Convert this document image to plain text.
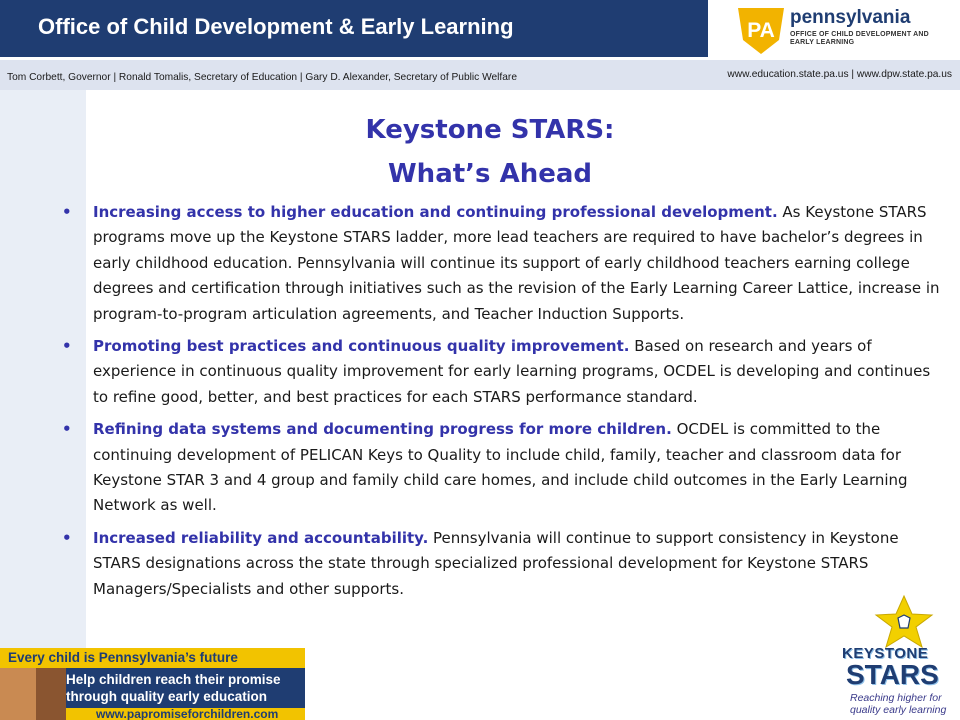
Office of Child Development & Early Learning	PA
pennsylvania
OFFICE OF CHILD DEVELOPMENT AND EARLY LEARNING
Tom Corbett, Governor | Ronald Tomalis, Secretary of Education | Gary D. Alexander, Secretary of Public Welfare	www.education.state.pa.us | www.dpw.state.pa.us
Keystone STARS:
What’s Ahead
• Increasing access to higher education and continuing professional development. As Keystone STARS programs move up the Keystone STARS ladder, more lead teachers are required to have bachelor’s degrees in early childhood education. Pennsylvania will continue its support of early childhood teachers earning college degrees and certification through initiatives such as the revision of the Early Learning Career Lattice, increase in program-to-program articulation agreements, and Teacher Induction Supports.
• Promoting best practices and continuous quality improvement. Based on research and years of experience in continuous quality improvement for early learning programs, OCDEL is developing and continues to refine good, better, and best practices for each STARS performance standard.
• Refining data systems and documenting progress for more children. OCDEL is committed to the continuing development of PELICAN Keys to Quality to include child, family, teacher and classroom data for Keystone STAR 3 and 4 group and family child care homes, and include child outcomes in the Early Learning Network as well.
• Increased reliability and accountability. Pennsylvania will continue to support consistency in Keystone STARS designations across the state through specialized professional development for Keystone STARS Managers/Specialists and other supports.
Every child is Pennsylvania’s future
Help children reach their promise
through quality early education
www.papromiseforchildren.com
KEYSTONE
STARS
Reaching higher for quality early learning
